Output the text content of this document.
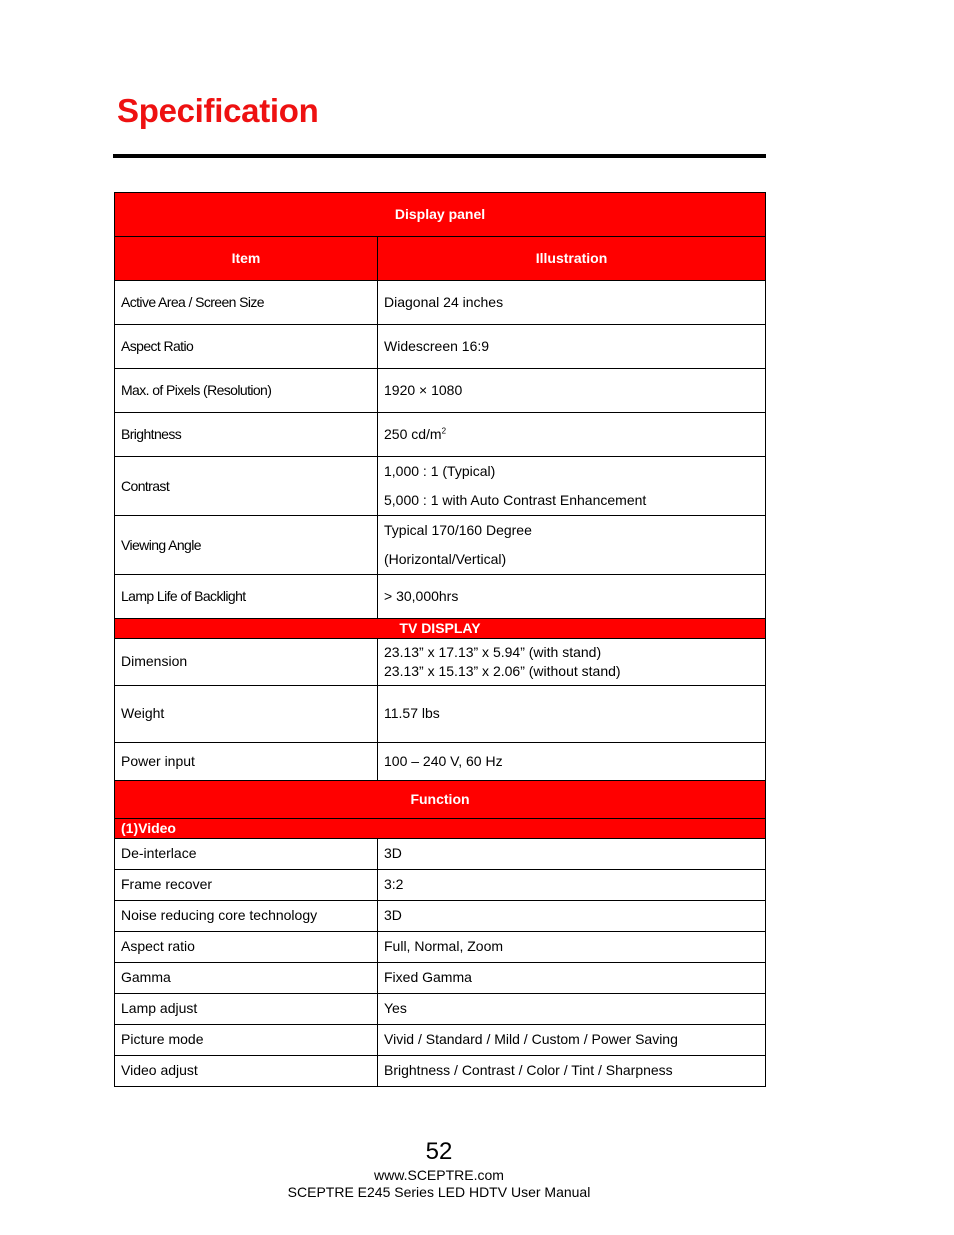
Specification
Display panel	
Item	Illustration
Active Area / Screen Size	Diagonal 24 inches
Aspect Ratio	Widescreen 16:9
Max. of Pixels (Resolution)	1920 × 1080
Brightness	250 $cd/m^2$
Contrast	1,000 : 1 (Typical)
5,000 : 1 with Auto Contrast Enhancement

Viewing Angle	Typical 170/160 Degree
(Horizontal/Vertical)

Lamp Life of Backlight	> 30,000hrs
TV DISPLAY	
Dimension	23.13” x 17.13” x 5.94” (with stand)
23.13” x 15.13” x 2.06” (without stand)

Weight	11.57 lbs
Power input	100 – 240 V, 60 Hz
Function	
(1)Video	
De-interlace	3D
Frame recover	3:2
Noise reducing core technology	3D
Aspect ratio	Full, Normal, Zoom
Gamma	Fixed Gamma
Lamp adjust	Yes
Picture mode	Vivid / Standard / Mild / Custom / Power Saving
Video adjust	Brightness / Contrast / Color / Tint / Sharpness
52
www.SCEPTRE.com
SCEPTRE E245 Series LED HDTV User Manual
